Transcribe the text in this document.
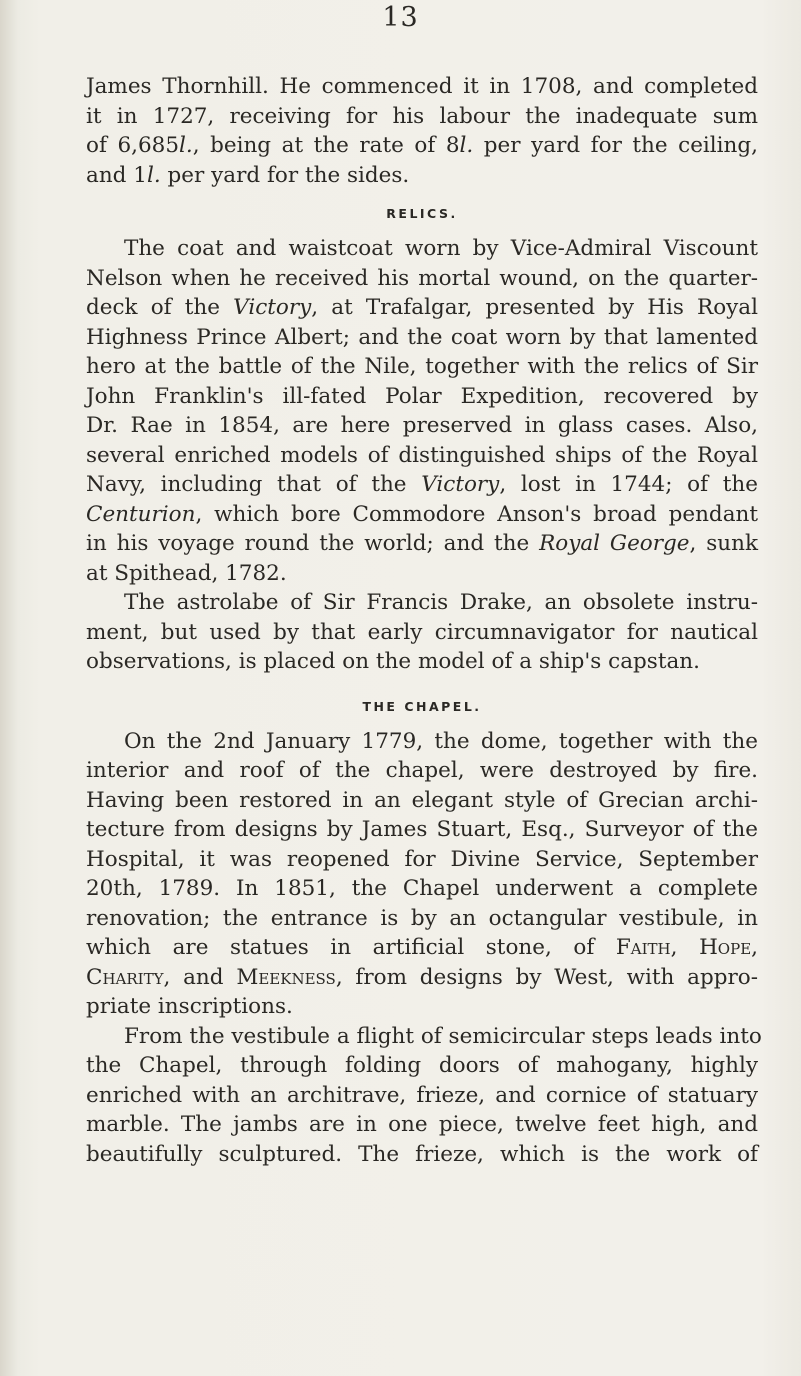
13
James Thornhill. He commenced it in 1708, and completed
it in 1727, receiving for his labour the inadequate sum
of 6,685l., being at the rate of 8l. per yard for the ceiling,
and 1l. per yard for the sides.
RELICS.
The coat and waistcoat worn by Vice-Admiral Viscount
Nelson when he received his mortal wound, on the quarter-
deck of the Victory, at Trafalgar, presented by His Royal
Highness Prince Albert; and the coat worn by that lamented
hero at the battle of the Nile, together with the relics of Sir
John Franklin's ill-fated Polar Expedition, recovered by
Dr. Rae in 1854, are here preserved in glass cases. Also,
several enriched models of distinguished ships of the Royal
Navy, including that of the Victory, lost in 1744; of the
Centurion, which bore Commodore Anson's broad pendant
in his voyage round the world; and the Royal George, sunk
at Spithead, 1782.
The astrolabe of Sir Francis Drake, an obsolete instru-
ment, but used by that early circumnavigator for nautical
observations, is placed on the model of a ship's capstan.
THE CHAPEL.
On the 2nd January 1779, the dome, together with the
interior and roof of the chapel, were destroyed by fire.
Having been restored in an elegant style of Grecian archi-
tecture from designs by James Stuart, Esq., Surveyor of the
Hospital, it was reopened for Divine Service, September
20th, 1789. In 1851, the Chapel underwent a complete
renovation; the entrance is by an octangular vestibule, in
which are statues in artificial stone, of Faith, Hope,
Charity, and Meekness, from designs by West, with appro-
priate inscriptions.
From the vestibule a flight of semicircular steps leads into
the Chapel, through folding doors of mahogany, highly
enriched with an architrave, frieze, and cornice of statuary
marble. The jambs are in one piece, twelve feet high, and
beautifully sculptured. The frieze, which is the work of
